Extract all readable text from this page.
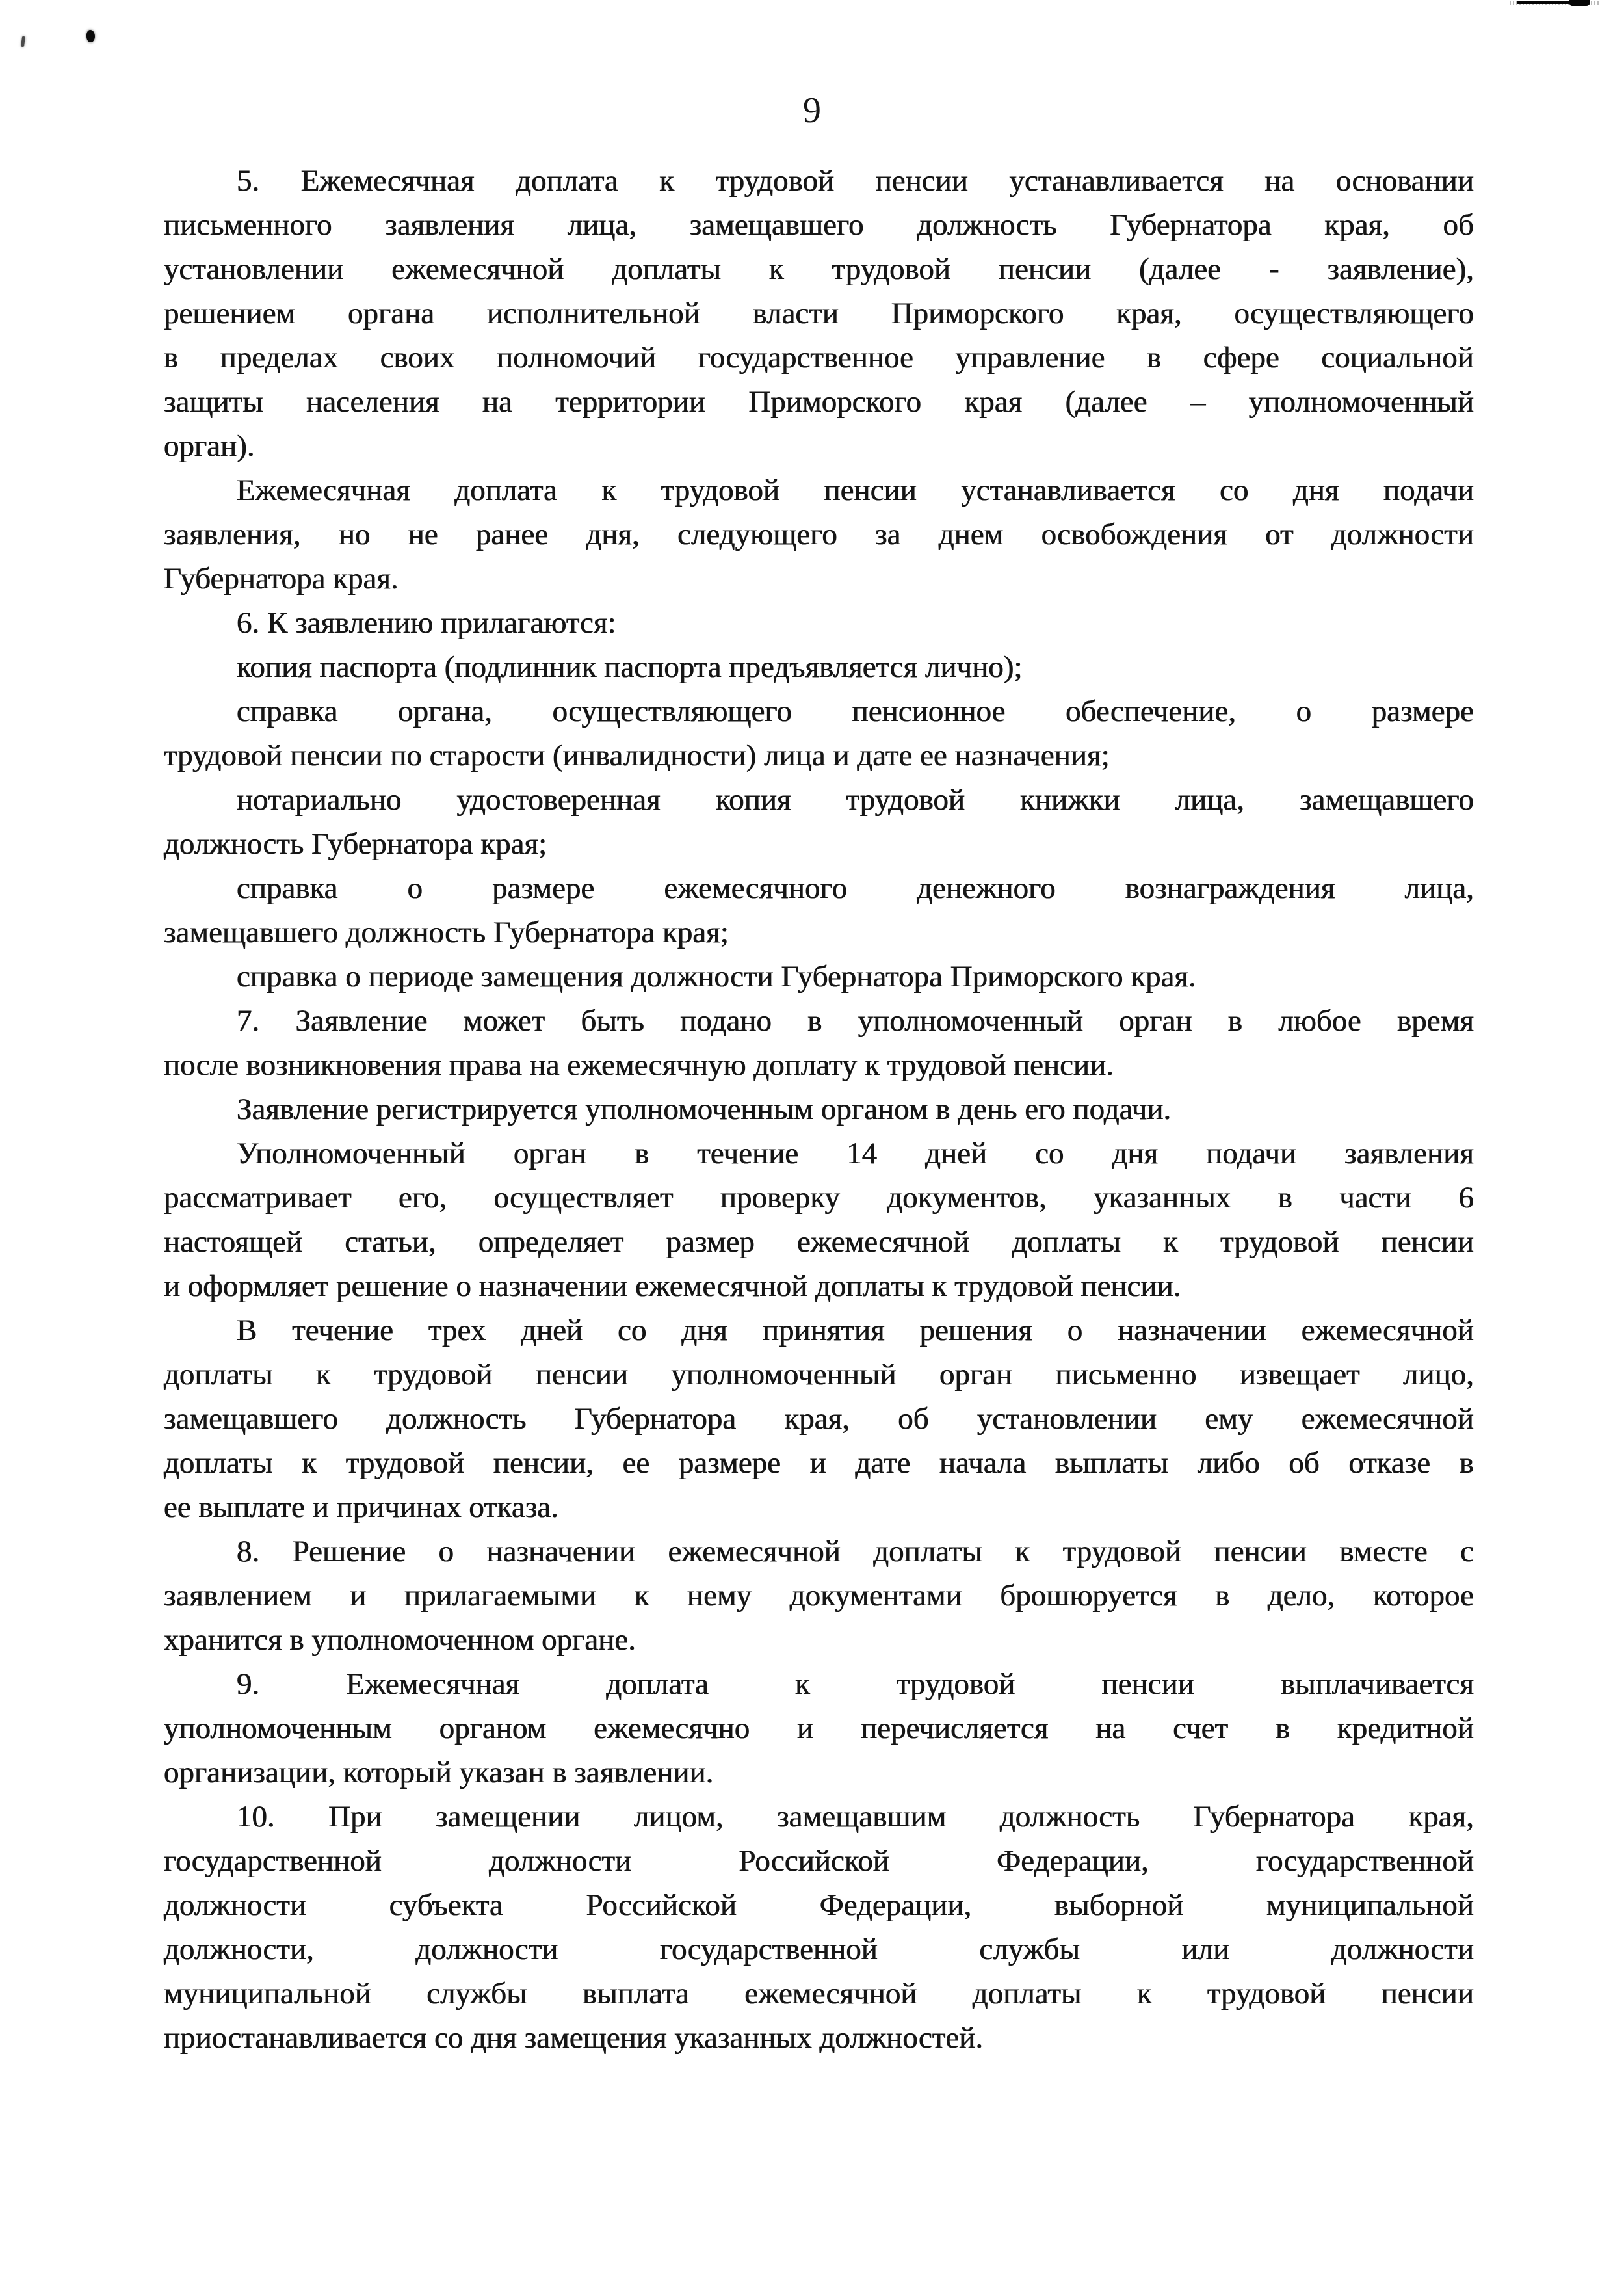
9
5. Ежемесячная доплата к трудовой пенсии устанавливается на основании
письменного заявления лица, замещавшего должность Губернатора края, об
установлении ежемесячной доплаты к трудовой пенсии (далее - заявление),
решением органа исполнительной власти Приморского края, осуществляющего
в пределах своих полномочий государственное управление в сфере социальной
защиты населения на территории Приморского края (далее – уполномоченный
орган).
Ежемесячная доплата к трудовой пенсии устанавливается со дня подачи
заявления, но не ранее дня, следующего за днем освобождения от должности
Губернатора края.
6. К заявлению прилагаются:
копия паспорта (подлинник паспорта предъявляется лично);
справка органа, осуществляющего пенсионное обеспечение, о размере
трудовой пенсии по старости (инвалидности) лица и дате ее назначения;
нотариально удостоверенная копия трудовой книжки лица, замещавшего
должность Губернатора края;
справка о размере ежемесячного денежного вознаграждения лица,
замещавшего должность Губернатора края;
справка о периоде замещения должности Губернатора Приморского края.
7. Заявление может быть подано в уполномоченный орган в любое время
после возникновения права на ежемесячную доплату к трудовой пенсии.
Заявление регистрируется уполномоченным органом в день его подачи.
Уполномоченный орган в течение 14 дней со дня подачи заявления
рассматривает его, осуществляет проверку документов, указанных в части 6
настоящей статьи, определяет размер ежемесячной доплаты к трудовой пенсии
и оформляет решение о назначении ежемесячной доплаты к трудовой пенсии.
В течение трех дней со дня принятия решения о назначении ежемесячной
доплаты к трудовой пенсии уполномоченный орган письменно извещает лицо,
замещавшего должность Губернатора края, об установлении ему ежемесячной
доплаты к трудовой пенсии, ее размере и дате начала выплаты либо об отказе в
ее выплате и причинах отказа.
8. Решение о назначении ежемесячной доплаты к трудовой пенсии вместе с
заявлением и прилагаемыми к нему документами брошюруется в дело, которое
хранится в уполномоченном органе.
9. Ежемесячная доплата к трудовой пенсии выплачивается
уполномоченным органом ежемесячно и перечисляется на счет в кредитной
организации, который указан в заявлении.
10. При замещении лицом, замещавшим должность Губернатора края,
государственной должности Российской Федерации, государственной
должности субъекта Российской Федерации, выборной муниципальной
должности, должности государственной службы или должности
муниципальной службы выплата ежемесячной доплаты к трудовой пенсии
приостанавливается со дня замещения указанных должностей.
